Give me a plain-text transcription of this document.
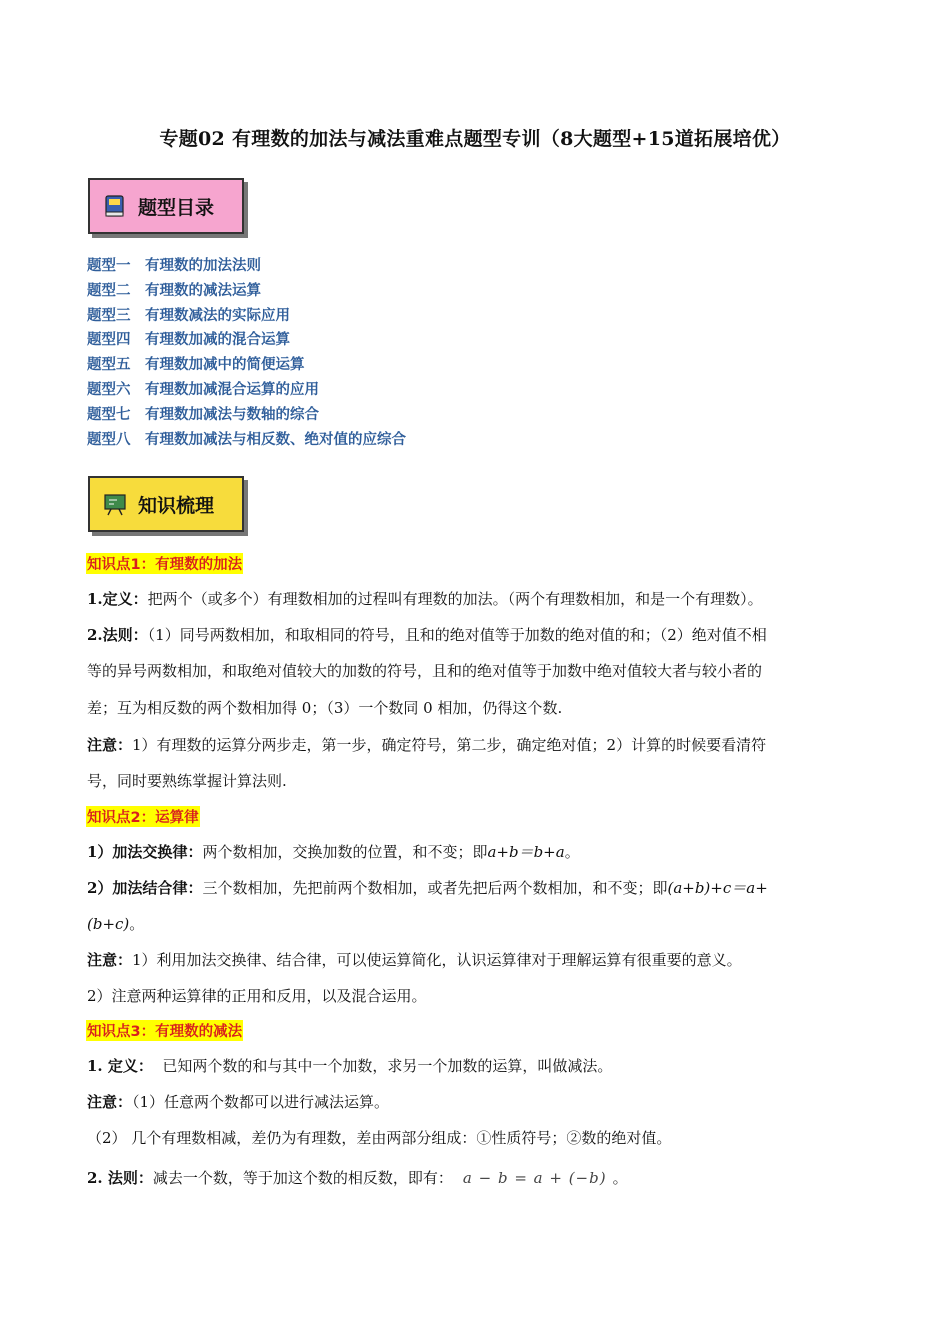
专题02 有理数的加法与减法重难点题型专训（8大题型+15道拓展培优）
题型目录
题型一 有理数的加法法则
题型二 有理数的减法运算
题型三 有理数减法的实际应用
题型四 有理数加减的混合运算
题型五 有理数加减中的简便运算
题型六 有理数加减混合运算的应用
题型七 有理数加减法与数轴的综合
题型八 有理数加减法与相反数、绝对值的应综合
知识梳理
知识点1：有理数的加法
1.定义：把两个（或多个）有理数相加的过程叫有理数的加法。（两个有理数相加，和是一个有理数）。
2.法则：（1）同号两数相加，和取相同的符号，且和的绝对值等于加数的绝对值的和；（2）绝对值不相
等的异号两数相加，和取绝对值较大的加数的符号，且和的绝对值等于加数中绝对值较大者与较小者的
差；互为相反数的两个数相加得 0；（3）一个数同 0 相加，仍得这个数.
注意：1）有理数的运算分两步走，第一步，确定符号，第二步，确定绝对值；2）计算的时候要看清符
号，同时要熟练掌握计算法则.
知识点2：运算律
1）加法交换律：两个数相加，交换加数的位置，和不变；即a+b＝b+a。
2）加法结合律：三个数相加，先把前两个数相加，或者先把后两个数相加，和不变；即(a+b)+c＝a+
(b+c)。
注意：1）利用加法交换律、结合律，可以使运算简化，认识运算律对于理解运算有很重要的意义。
2）注意两种运算律的正用和反用，以及混合运用。
知识点3：有理数的减法
1. 定义：  已知两个数的和与其中一个加数，求另一个加数的运算，叫做减法。
注意：（1）任意两个数都可以进行减法运算。
（2） 几个有理数相减，差仍为有理数，差由两部分组成：①性质符号；②数的绝对值。
2. 法则：减去一个数，等于加这个数的相反数，即有： a − b = a + (−b) 。
